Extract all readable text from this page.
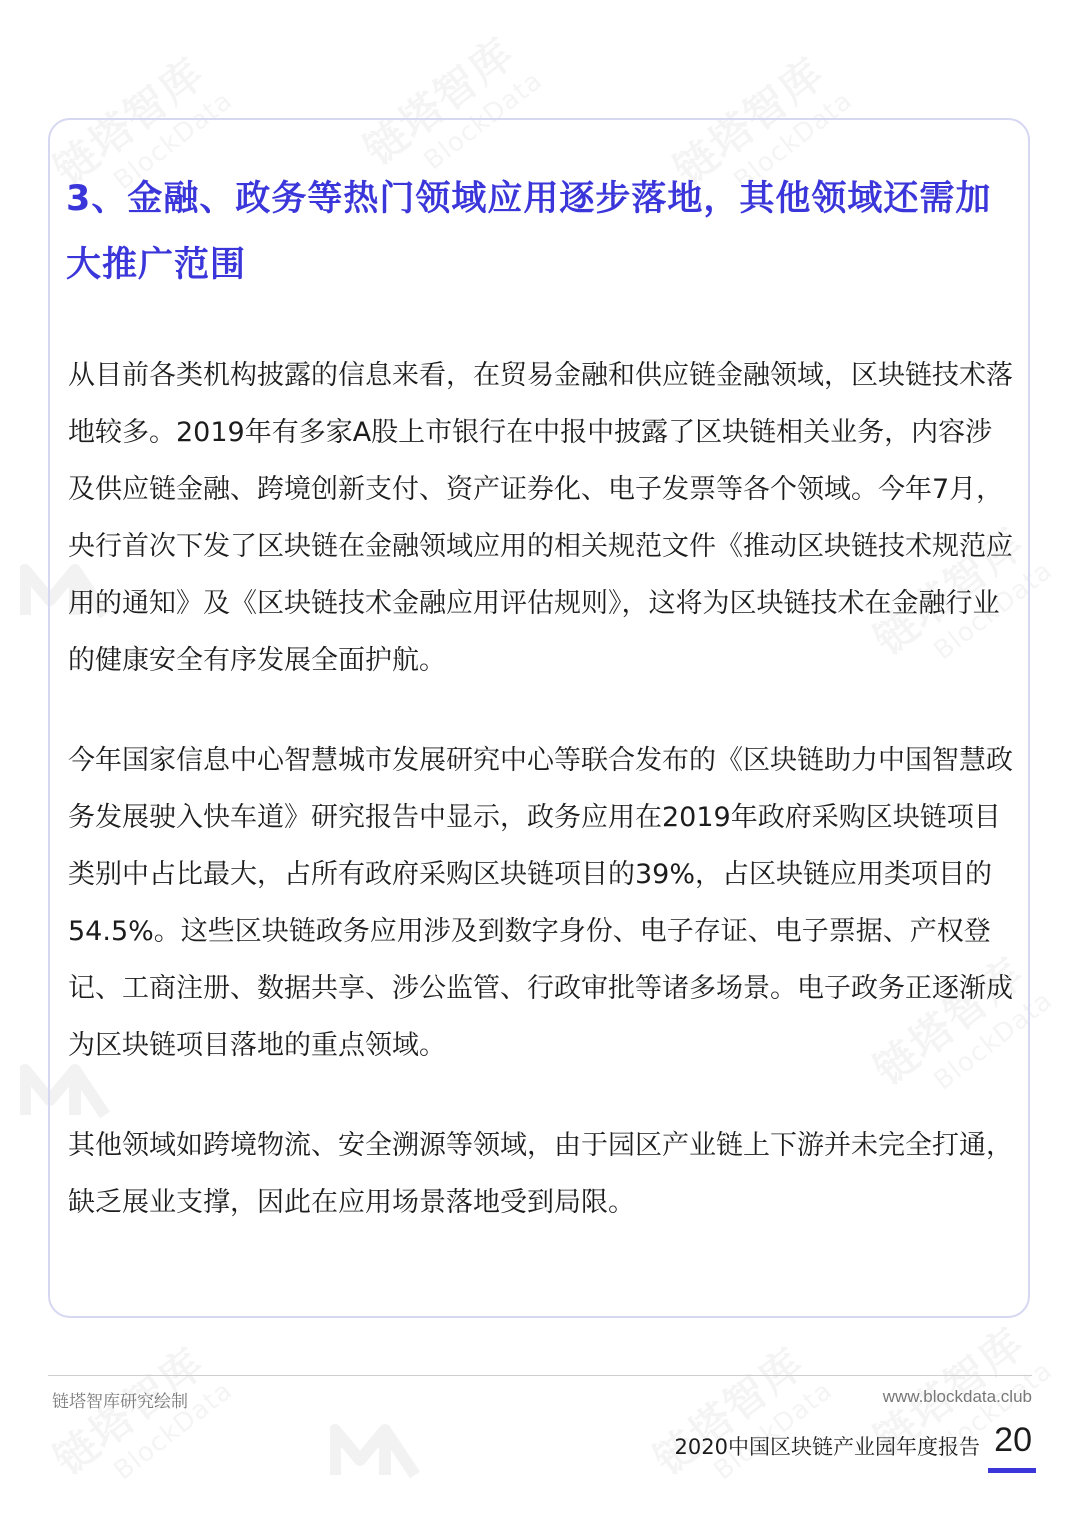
3、金融、政务等热门领域应用逐步落地，其他领域还需加大推广范围

从目前各类机构披露的信息来看，在贸易金融和供应链金融领域，区块链技术落地较多。2019年有多家A股上市银行在中报中披露了区块链相关业务，内容涉及供应链金融、跨境创新支付、资产证券化、电子发票等各个领域。今年7月，央行首次下发了区块链在金融领域应用的相关规范文件《推动区块链技术规范应用的通知》及《区块链技术金融应用评估规则》，这将为区块链技术在金融行业的健康安全有序发展全面护航。

今年国家信息中心智慧城市发展研究中心等联合发布的《区块链助力中国智慧政务发展驶入快车道》研究报告中显示，政务应用在2019年政府采购区块链项目类别中占比最大，占所有政府采购区块链项目的39%，占区块链应用类项目的54.5%。这些区块链政务应用涉及到数字身份、电子存证、电子票据、产权登记、工商注册、数据共享、涉公监管、行政审批等诸多场景。电子政务正逐渐成为区块链项目落地的重点领域。

其他领域如跨境物流、安全溯源等领域，由于园区产业链上下游并未完全打通，缺乏展业支撑，因此在应用场景落地受到局限。

链塔智库研究绘制	www.blockdata.club
2020中国区块链产业园年度报告 20
